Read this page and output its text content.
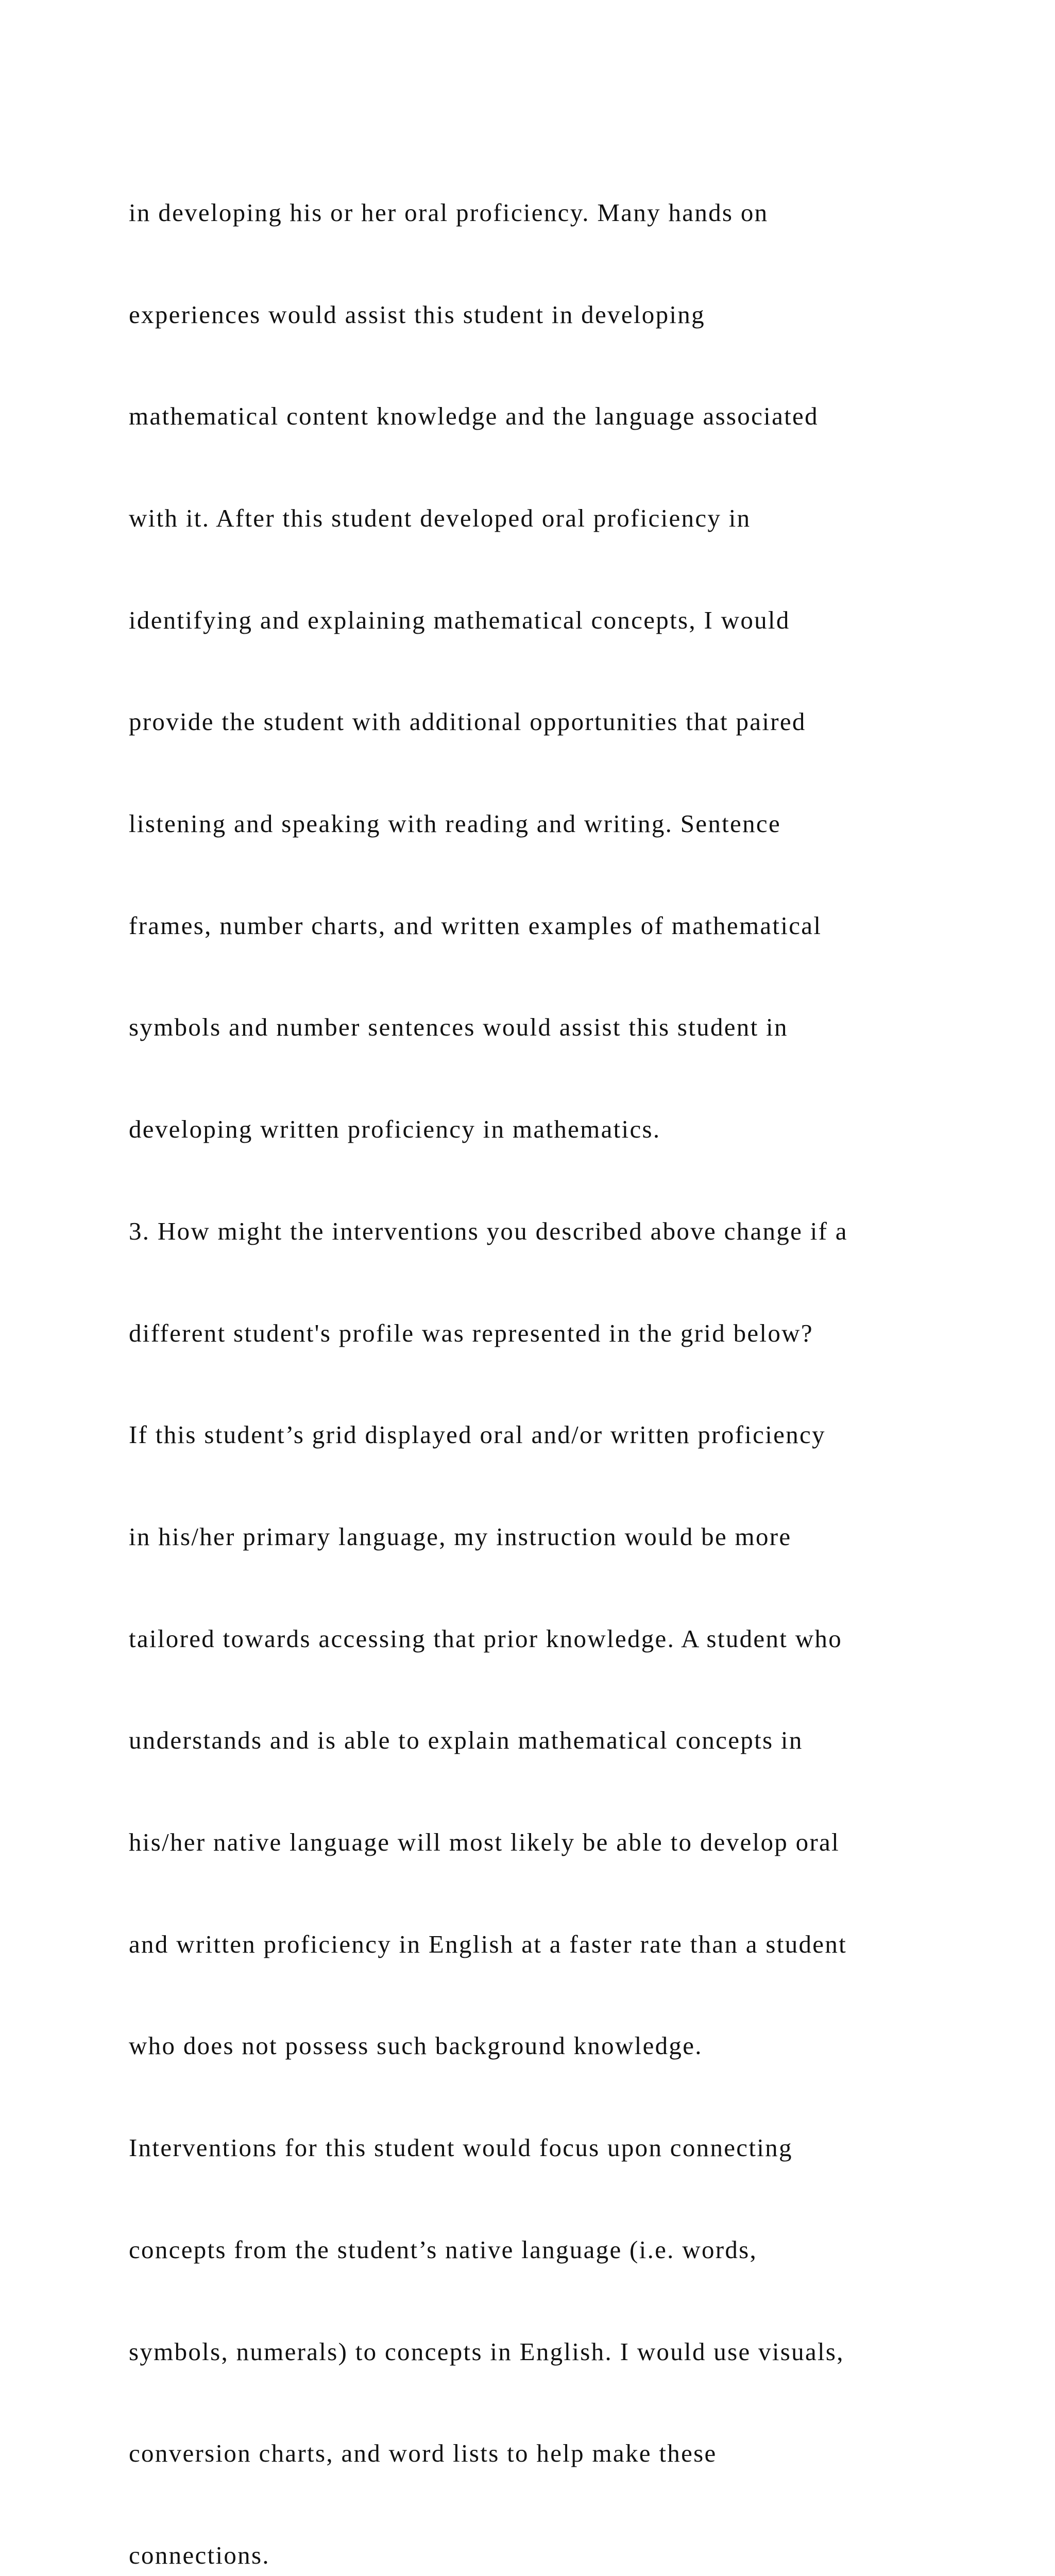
in developing his or her oral proficiency. Many hands on

experiences would assist this student in developing

mathematical content knowledge and the language associated

with it. After this student developed oral proficiency in

identifying and explaining mathematical concepts, I would

provide the student with additional opportunities that paired

listening and speaking with reading and writing. Sentence

frames, number charts, and written examples of mathematical

symbols and number sentences would assist this student in

developing written proficiency in mathematics.

3. How might the interventions you described above change if a

different student's profile was represented in the grid below?

If this student’s grid displayed oral and/or written proficiency

in his/her primary language, my instruction would be more

tailored towards accessing that prior knowledge. A student who

understands and is able to explain mathematical concepts in

his/her native language will most likely be able to develop oral

and written proficiency in English at a faster rate than a student

who does not possess such background knowledge.

Interventions for this student would focus upon connecting

concepts from the student’s native language (i.e. words,

symbols, numerals) to concepts in English. I would use visuals,

conversion charts, and word lists to help make these

connections.
